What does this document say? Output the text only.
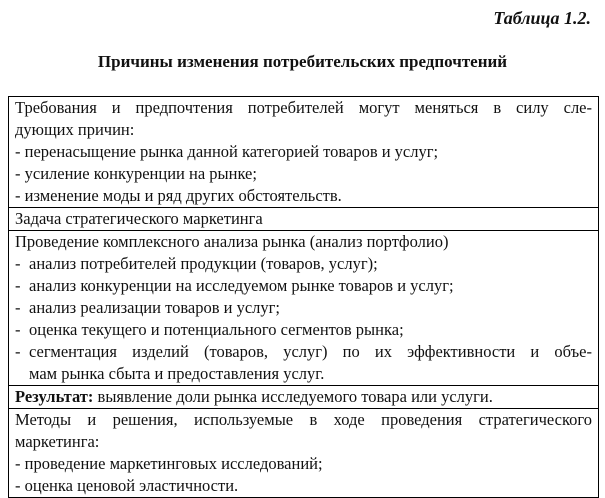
Таблица 1.2.
Причины изменения потребительских предпочтений
Требования и предпочтения потребителей могут меняться в силу сле-
дующих причин:
- перенасыщение рынка данной категорией товаров и услуг;
- усиление конкуренции на рынке;
- изменение моды и ряд других обстоятельств.
Задача стратегического маркетинга
Проведение комплексного анализа рынка (анализ портфолио)
- анализ потребителей продукции (товаров, услуг);
- анализ конкуренции на исследуемом рынке товаров и услуг;
- анализ реализации товаров и услуг;
- оценка текущего и потенциального сегментов рынка;
- сегментация изделий (товаров, услуг) по их эффективности и объе-
мам рынка сбыта и предоставления услуг.
Результат: выявление доли рынка исследуемого товара или услуги.
Методы и решения, используемые в ходе проведения стратегического
маркетинга:
- проведение маркетинговых исследований;
- оценка ценовой эластичности.
